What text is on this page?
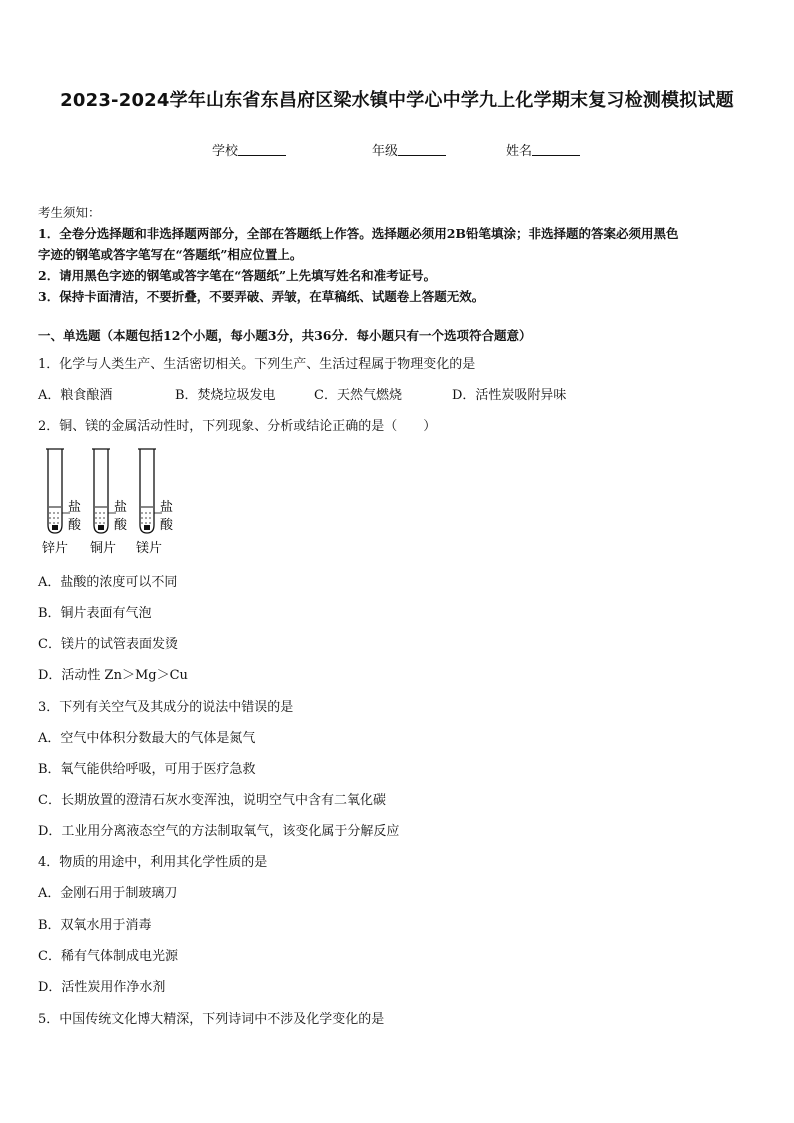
2023-2024学年山东省东昌府区梁水镇中学心中学九上化学期末复习检测模拟试题
学校	年级	姓名
考生须知：
1．全卷分选择题和非选择题两部分，全部在答题纸上作答。选择题必须用2B铅笔填涂；非选择题的答案必须用黑色
字迹的钢笔或答字笔写在“答题纸”相应位置上。
2．请用黑色字迹的钢笔或答字笔在“答题纸”上先填写姓名和准考证号。
3．保持卡面清洁，不要折叠，不要弄破、弄皱，在草稿纸、试题卷上答题无效。
一、单选题（本题包括12个小题，每小题3分，共36分．每小题只有一个选项符合题意）
1．化学与人类生产、生活密切相关。下列生产、生活过程属于物理变化的是
A．粮食酿酒	B．焚烧垃圾发电	C．天然气燃烧	D．活性炭吸附异味
2．铜、镁的金属活动性时，下列现象、分析或结论正确的是（　　）
盐
酸
盐
酸
盐
酸
锌片 铜片 镁片
A．盐酸的浓度可以不同
B．铜片表面有气泡
C．镁片的试管表面发烫
D．活动性 Zn＞Mg＞Cu
3．下列有关空气及其成分的说法中错误的是
A．空气中体积分数最大的气体是氮气
B．氧气能供给呼吸，可用于医疗急救
C．长期放置的澄清石灰水变浑浊，说明空气中含有二氧化碳
D．工业用分离液态空气的方法制取氧气，该变化属于分解反应
4．物质的用途中，利用其化学性质的是
A．金刚石用于制玻璃刀
B．双氧水用于消毒
C．稀有气体制成电光源
D．活性炭用作净水剂
5．中国传统文化博大精深，下列诗词中不涉及化学变化的是
